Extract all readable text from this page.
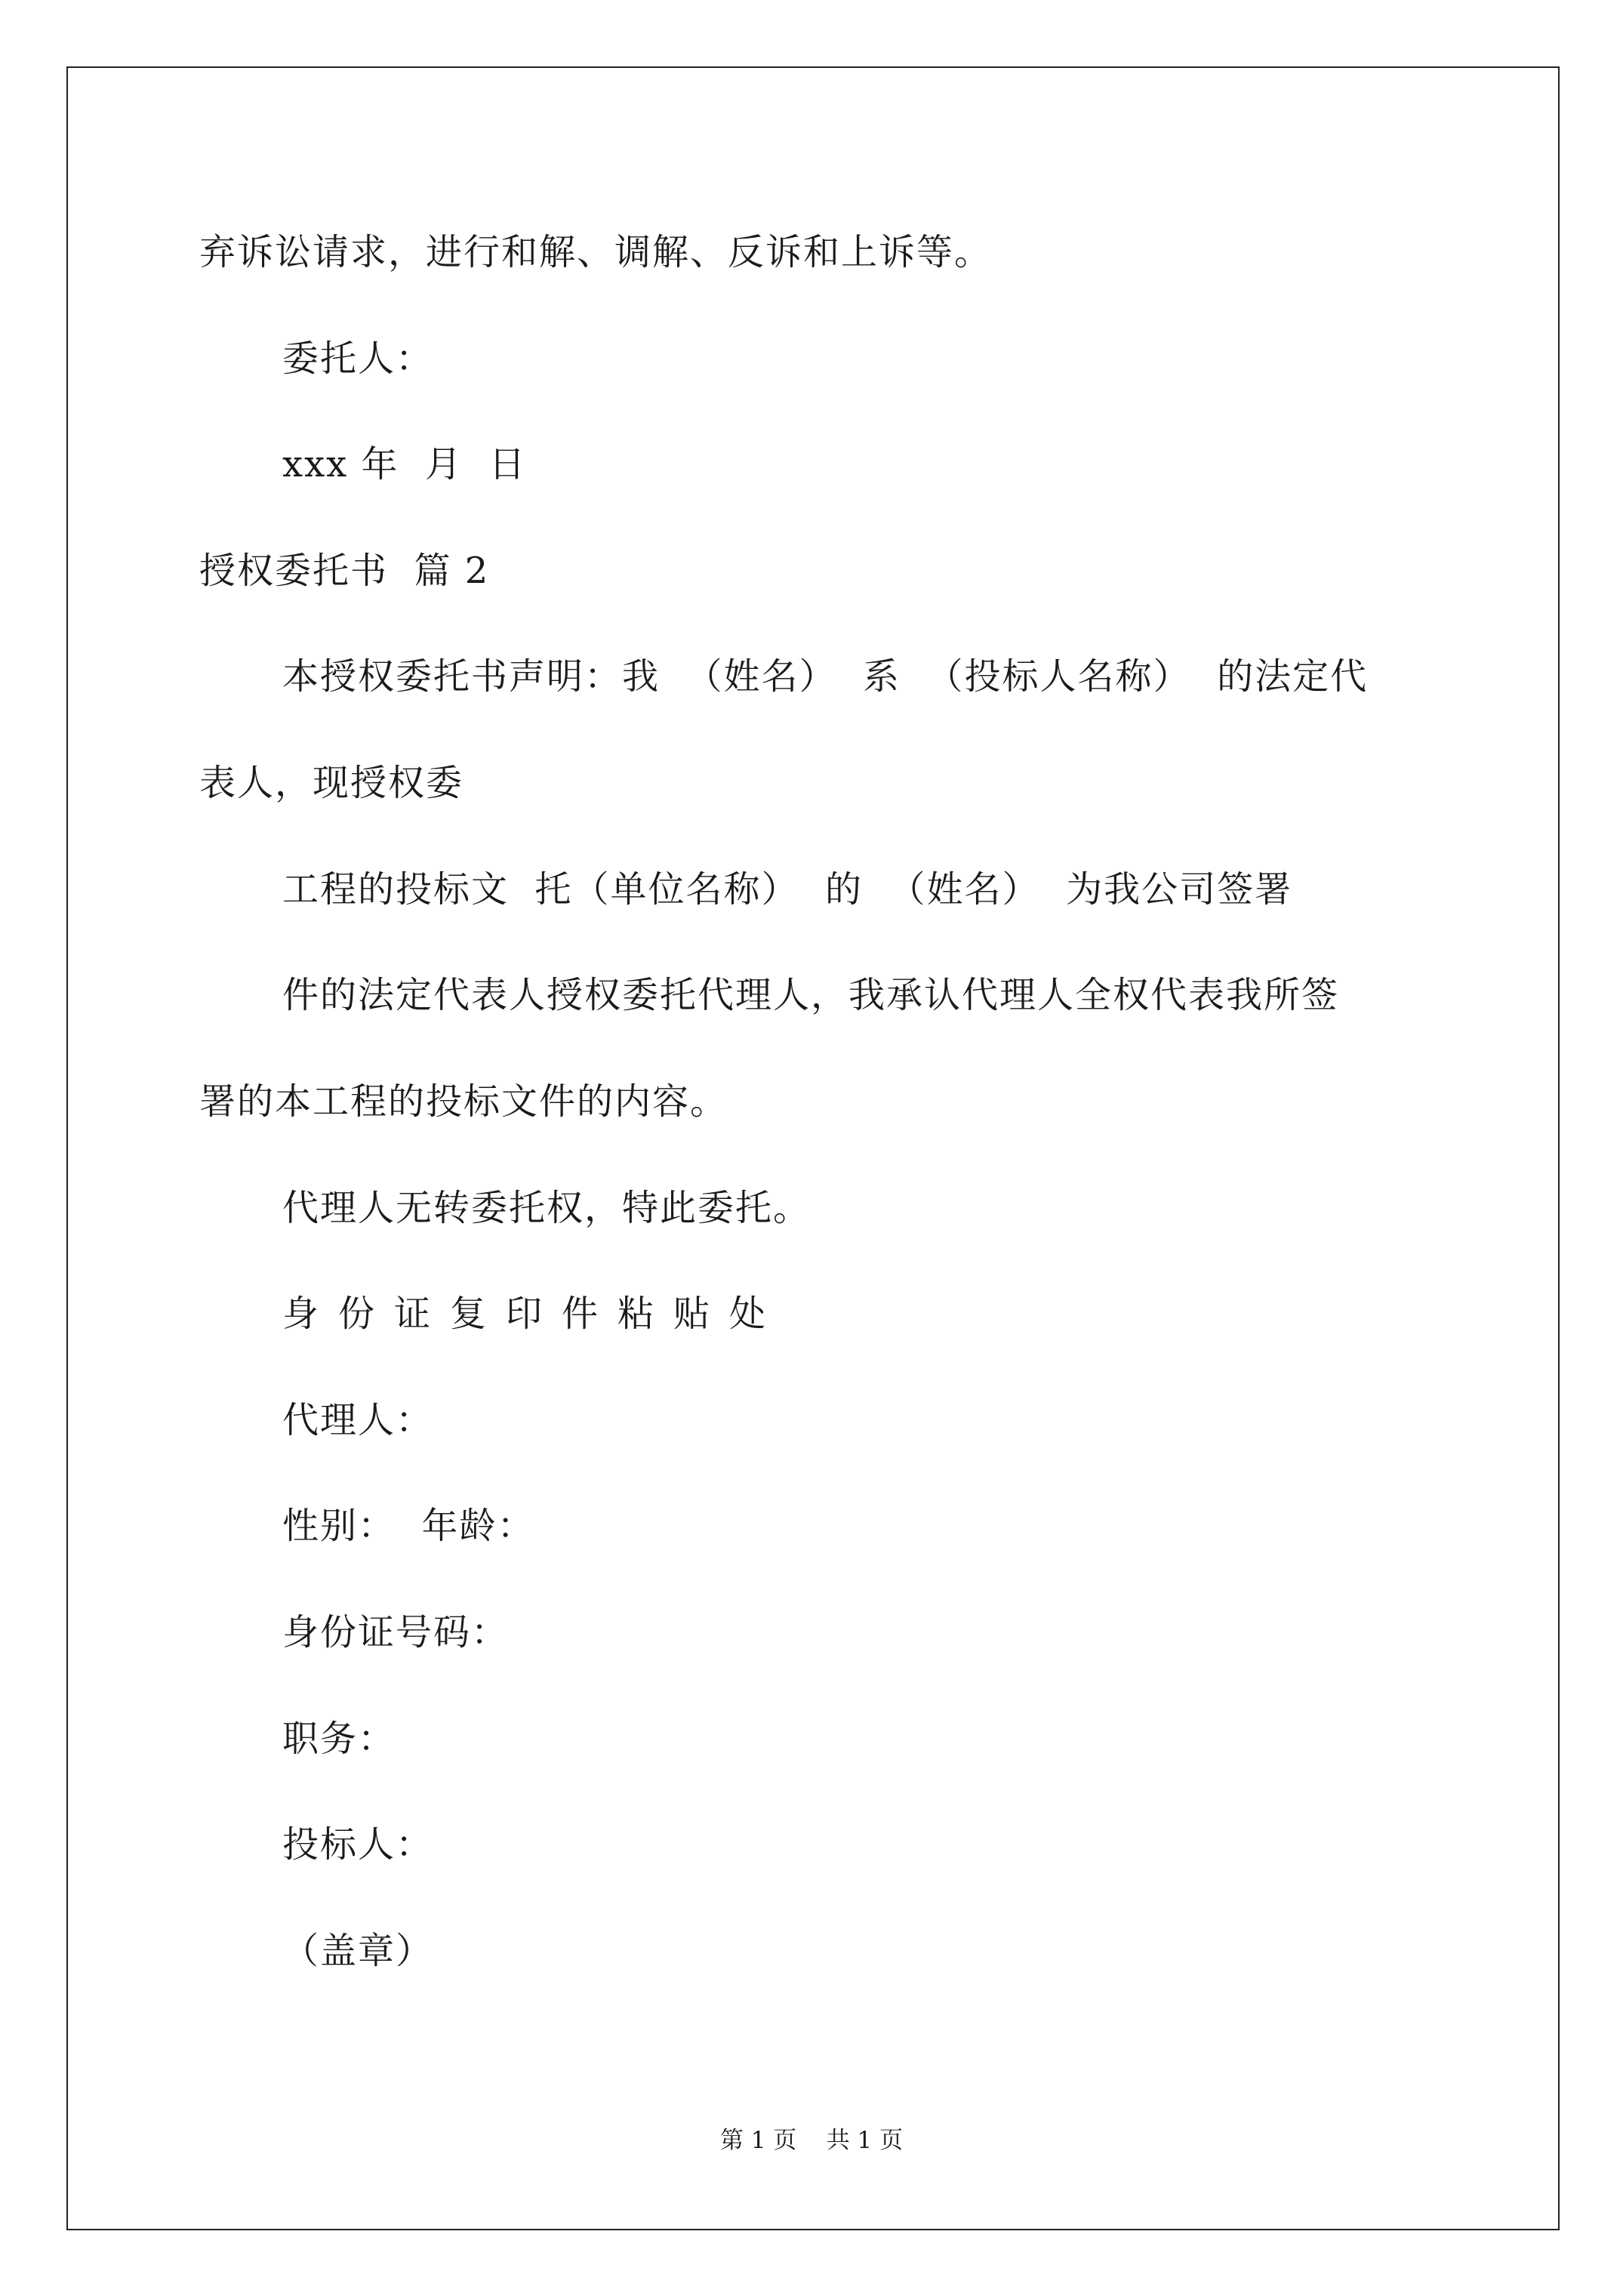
弃诉讼请求，进行和解、调解、反诉和上诉等。
委托人：
xxx 年  月  日
授权委托书  篇 2
本授权委托书声明：我  （姓名）  系  （投标人名称）  的法定代
表人，现授权委
工程的投标文  托（单位名称）  的  （姓名）  为我公司签署
件的法定代表人授权委托代理人，我承认代理人全权代表我所签
署的本工程的投标文件的内容。
代理人无转委托权，特此委托。
身份证复印件粘贴处
代理人：
性别：  年龄：
身份证号码：
职务：
投标人：
（盖章）
第 1 页    共 1 页
